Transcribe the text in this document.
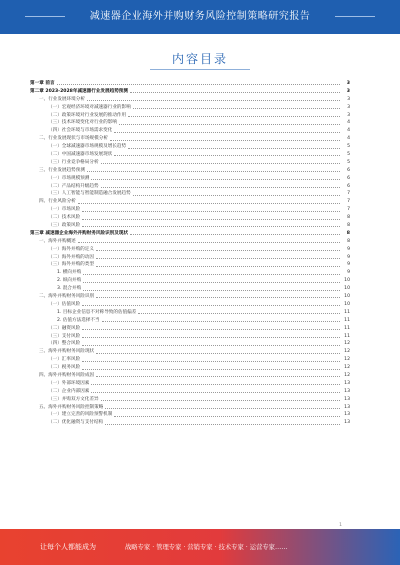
减速器企业海外并购财务风险控制策略研究报告
内容目录
第一章 前言	3
第二章 2023-2028年减速器行业发展趋势预测	3
一、行业发展环境分析	3
（一）宏观经济环境对减速器行业的影响	3
（二）政策环境对行业发展的推动作用	3
（三）技术环境变化对行业的影响	4
（四）社会环境与市场需求变化	4
二、行业发展现状与市场规模分析	4
（一）全球减速器市场规模及增长趋势	5
（二）中国减速器市场发展现状	5
（三）行业竞争格局分析	5
三、行业发展趋势预测	6
（一）市场规模预测	6
（二）产品结构升级趋势	6
（三）人工智能与智能制造融合发展趋势	7
四、行业风险分析	7
（一）市场风险	7
（二）技术风险	8
（三）政策风险	8
第三章 减速器企业海外并购财务风险识别及现状	8
一、海外并购概述	8
（一）海外并购的定义	9
（二）海外并购的动因	9
（三）海外并购的类型	9
1. 横向并购	9
2. 纵向并购	10
3. 混合并购	10
二、海外并购财务风险识别	10
（一）估值风险	10
1. 目标企业信息不对称导致的估值偏差	11
2. 估值方法选择不当	11
（二）融资风险	11
（三）支付风险	11
（四）整合风险	12
三、海外并购财务风险现状	12
（一）汇率风险	12
（二）税务风险	12
四、海外并购财务风险成因	12
（一）外部环境因素	13
（二）企业内部因素	13
（三）并购双方文化差异	13
五、海外并购财务风险控制策略	13
（一）建立完善的风险预警机制	13
（二）优化融资与支付结构	13
1
让每个人都能成为	战略专家 · 管理专家 · 营销专家 · 技术专家 · 运营专家……
